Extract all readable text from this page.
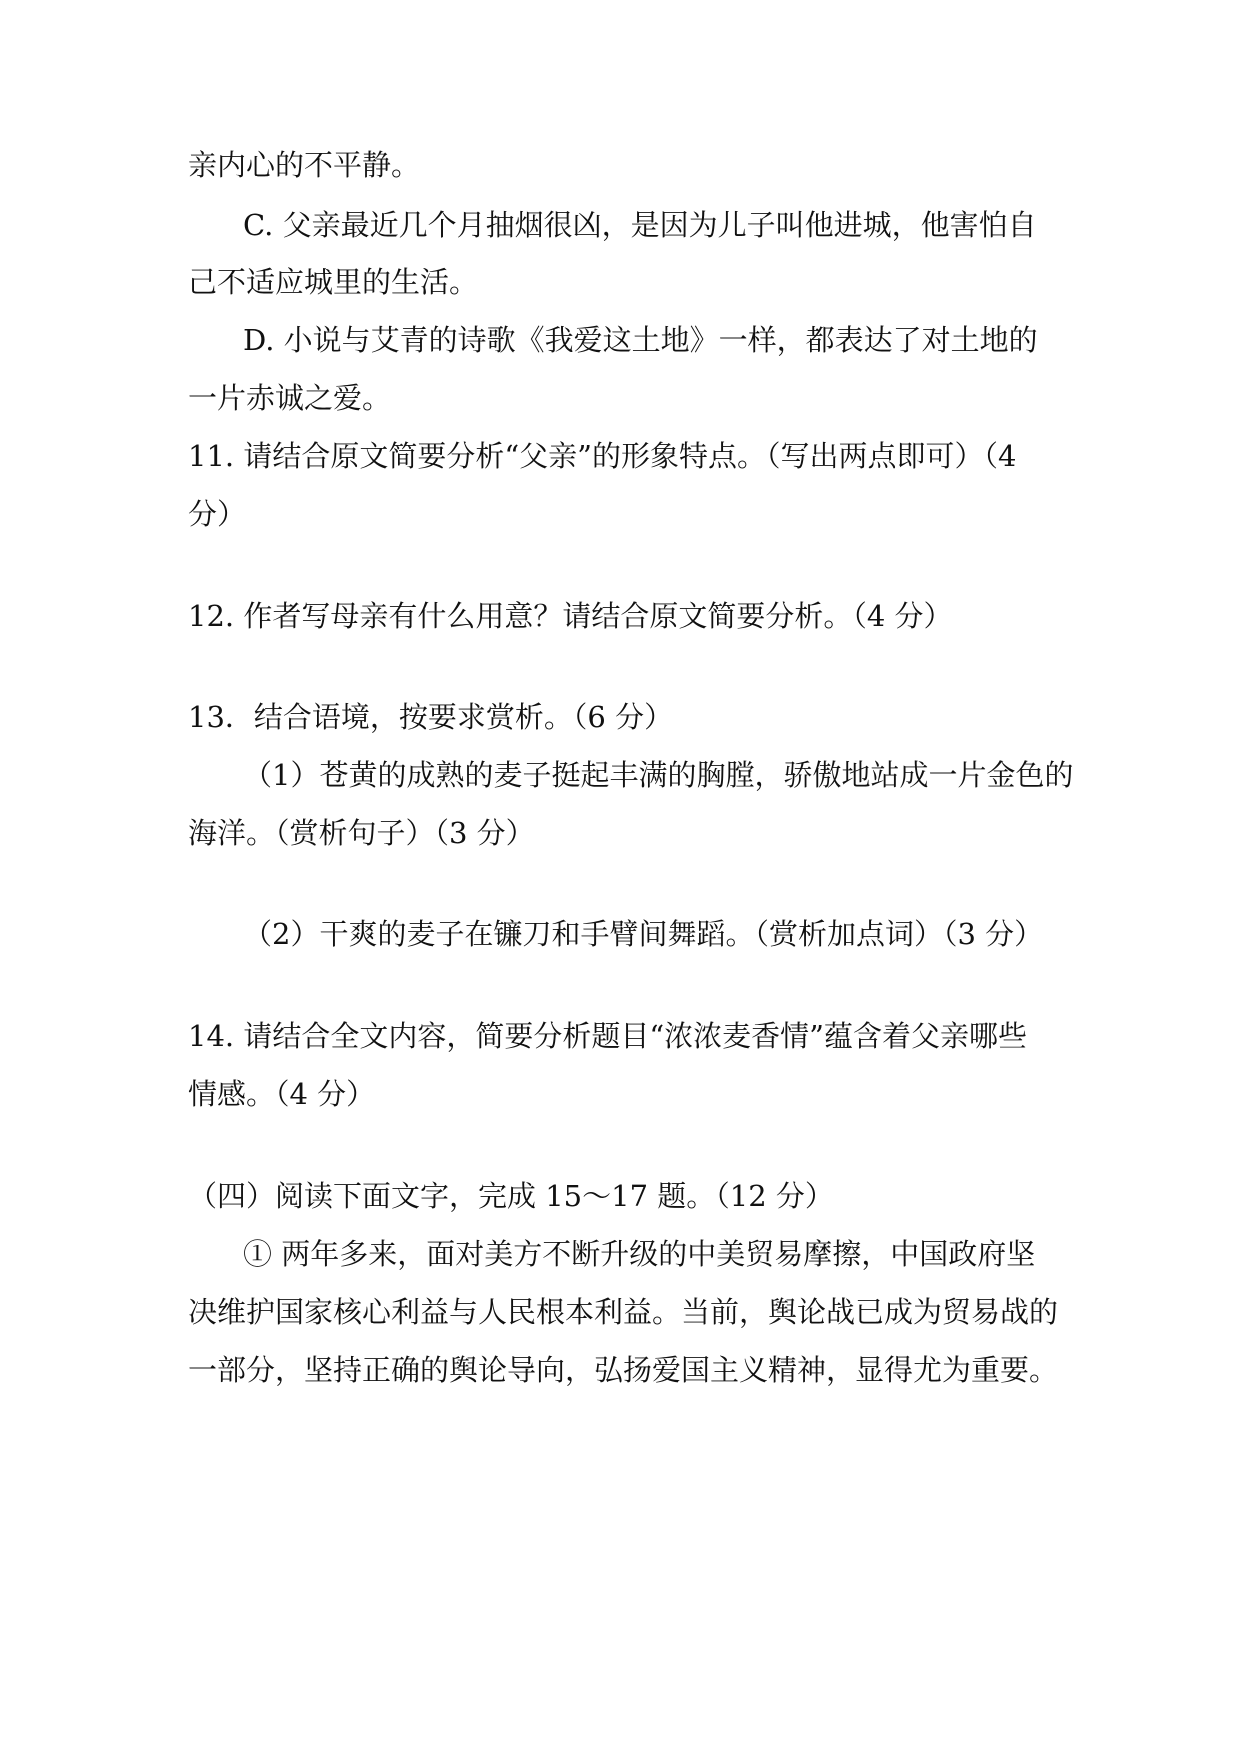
亲内心的不平静。
C. 父亲最近几个月抽烟很凶，是因为儿子叫他进城，他害怕自
己不适应城里的生活。
D. 小说与艾青的诗歌《我爱这土地》一样，都表达了对土地的
一片赤诚之爱。
11. 请结合原文简要分析“父亲”的形象特点。（写出两点即可）（4
分）
12. 作者写母亲有什么用意？请结合原文简要分析。（4 分）
13．结合语境，按要求赏析。（6 分）
（1）苍黄的成熟的麦子挺起丰满的胸膛，骄傲地站成一片金色的
海洋。（赏析句子）（3 分）
（2）干爽的麦子在镰刀和手臂间舞蹈。（赏析加点词）（3 分）
14. 请结合全文内容，简要分析题目“浓浓麦香情”蕴含着父亲哪些
情感。（4 分）
（四）阅读下面文字，完成 15～17 题。（12 分）
① 两年多来，面对美方不断升级的中美贸易摩擦，中国政府坚
决维护国家核心利益与人民根本利益。当前，舆论战已成为贸易战的
一部分，坚持正确的舆论导向，弘扬爱国主义精神，显得尤为重要。
